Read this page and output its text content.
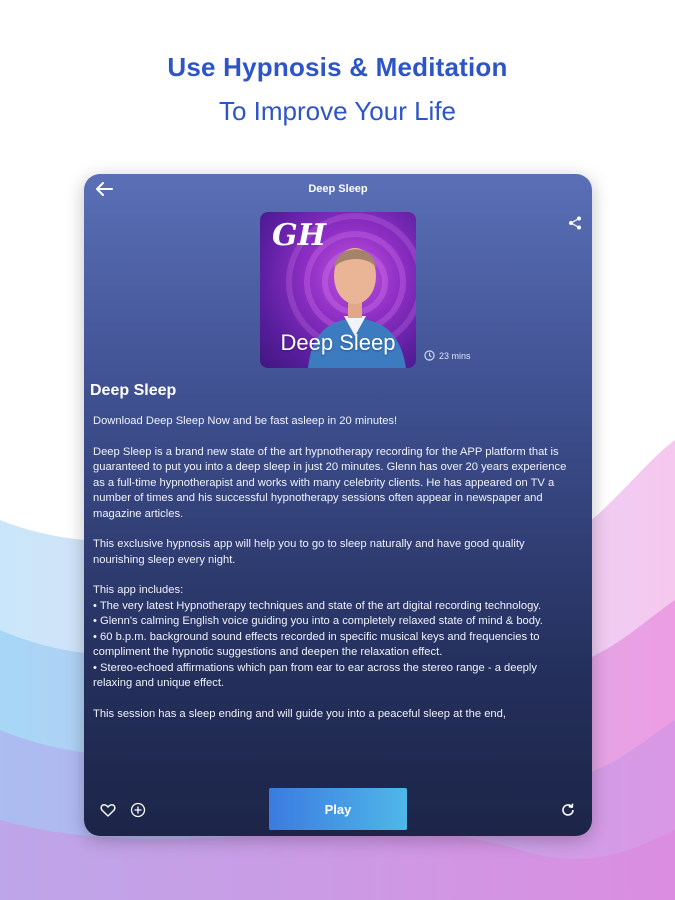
Use Hypnosis & Meditation
To Improve Your Life
Deep Sleep
GH
Deep Sleep
23 mins
Deep Sleep

Download Deep Sleep Now and be fast asleep in 20 minutes!

Deep Sleep is a brand new state of the art hypnotherapy recording for the APP platform that is guaranteed to put you into a deep sleep in just 20 minutes. Glenn has over 20 years experience as a full-time hypnotherapist and works with many celebrity clients. He has appeared on TV a number of times and his successful hypnotherapy sessions often appear in newspaper and magazine articles.

This exclusive hypnosis app will help you to go to sleep naturally and have good quality nourishing sleep every night.

This app includes:

• The very latest Hypnotherapy techniques and state of the art digital recording technology.

• Glenn's calming English voice guiding you into a completely relaxed state of mind & body.

• 60 b.p.m. background sound effects recorded in specific musical keys and frequencies to compliment the hypnotic suggestions and deepen the relaxation effect.

• Stereo-echoed affirmations which pan from ear to ear across the stereo range - a deeply relaxing and unique effect.

This session has a sleep ending and will guide you into a peaceful sleep at the end,

Play
